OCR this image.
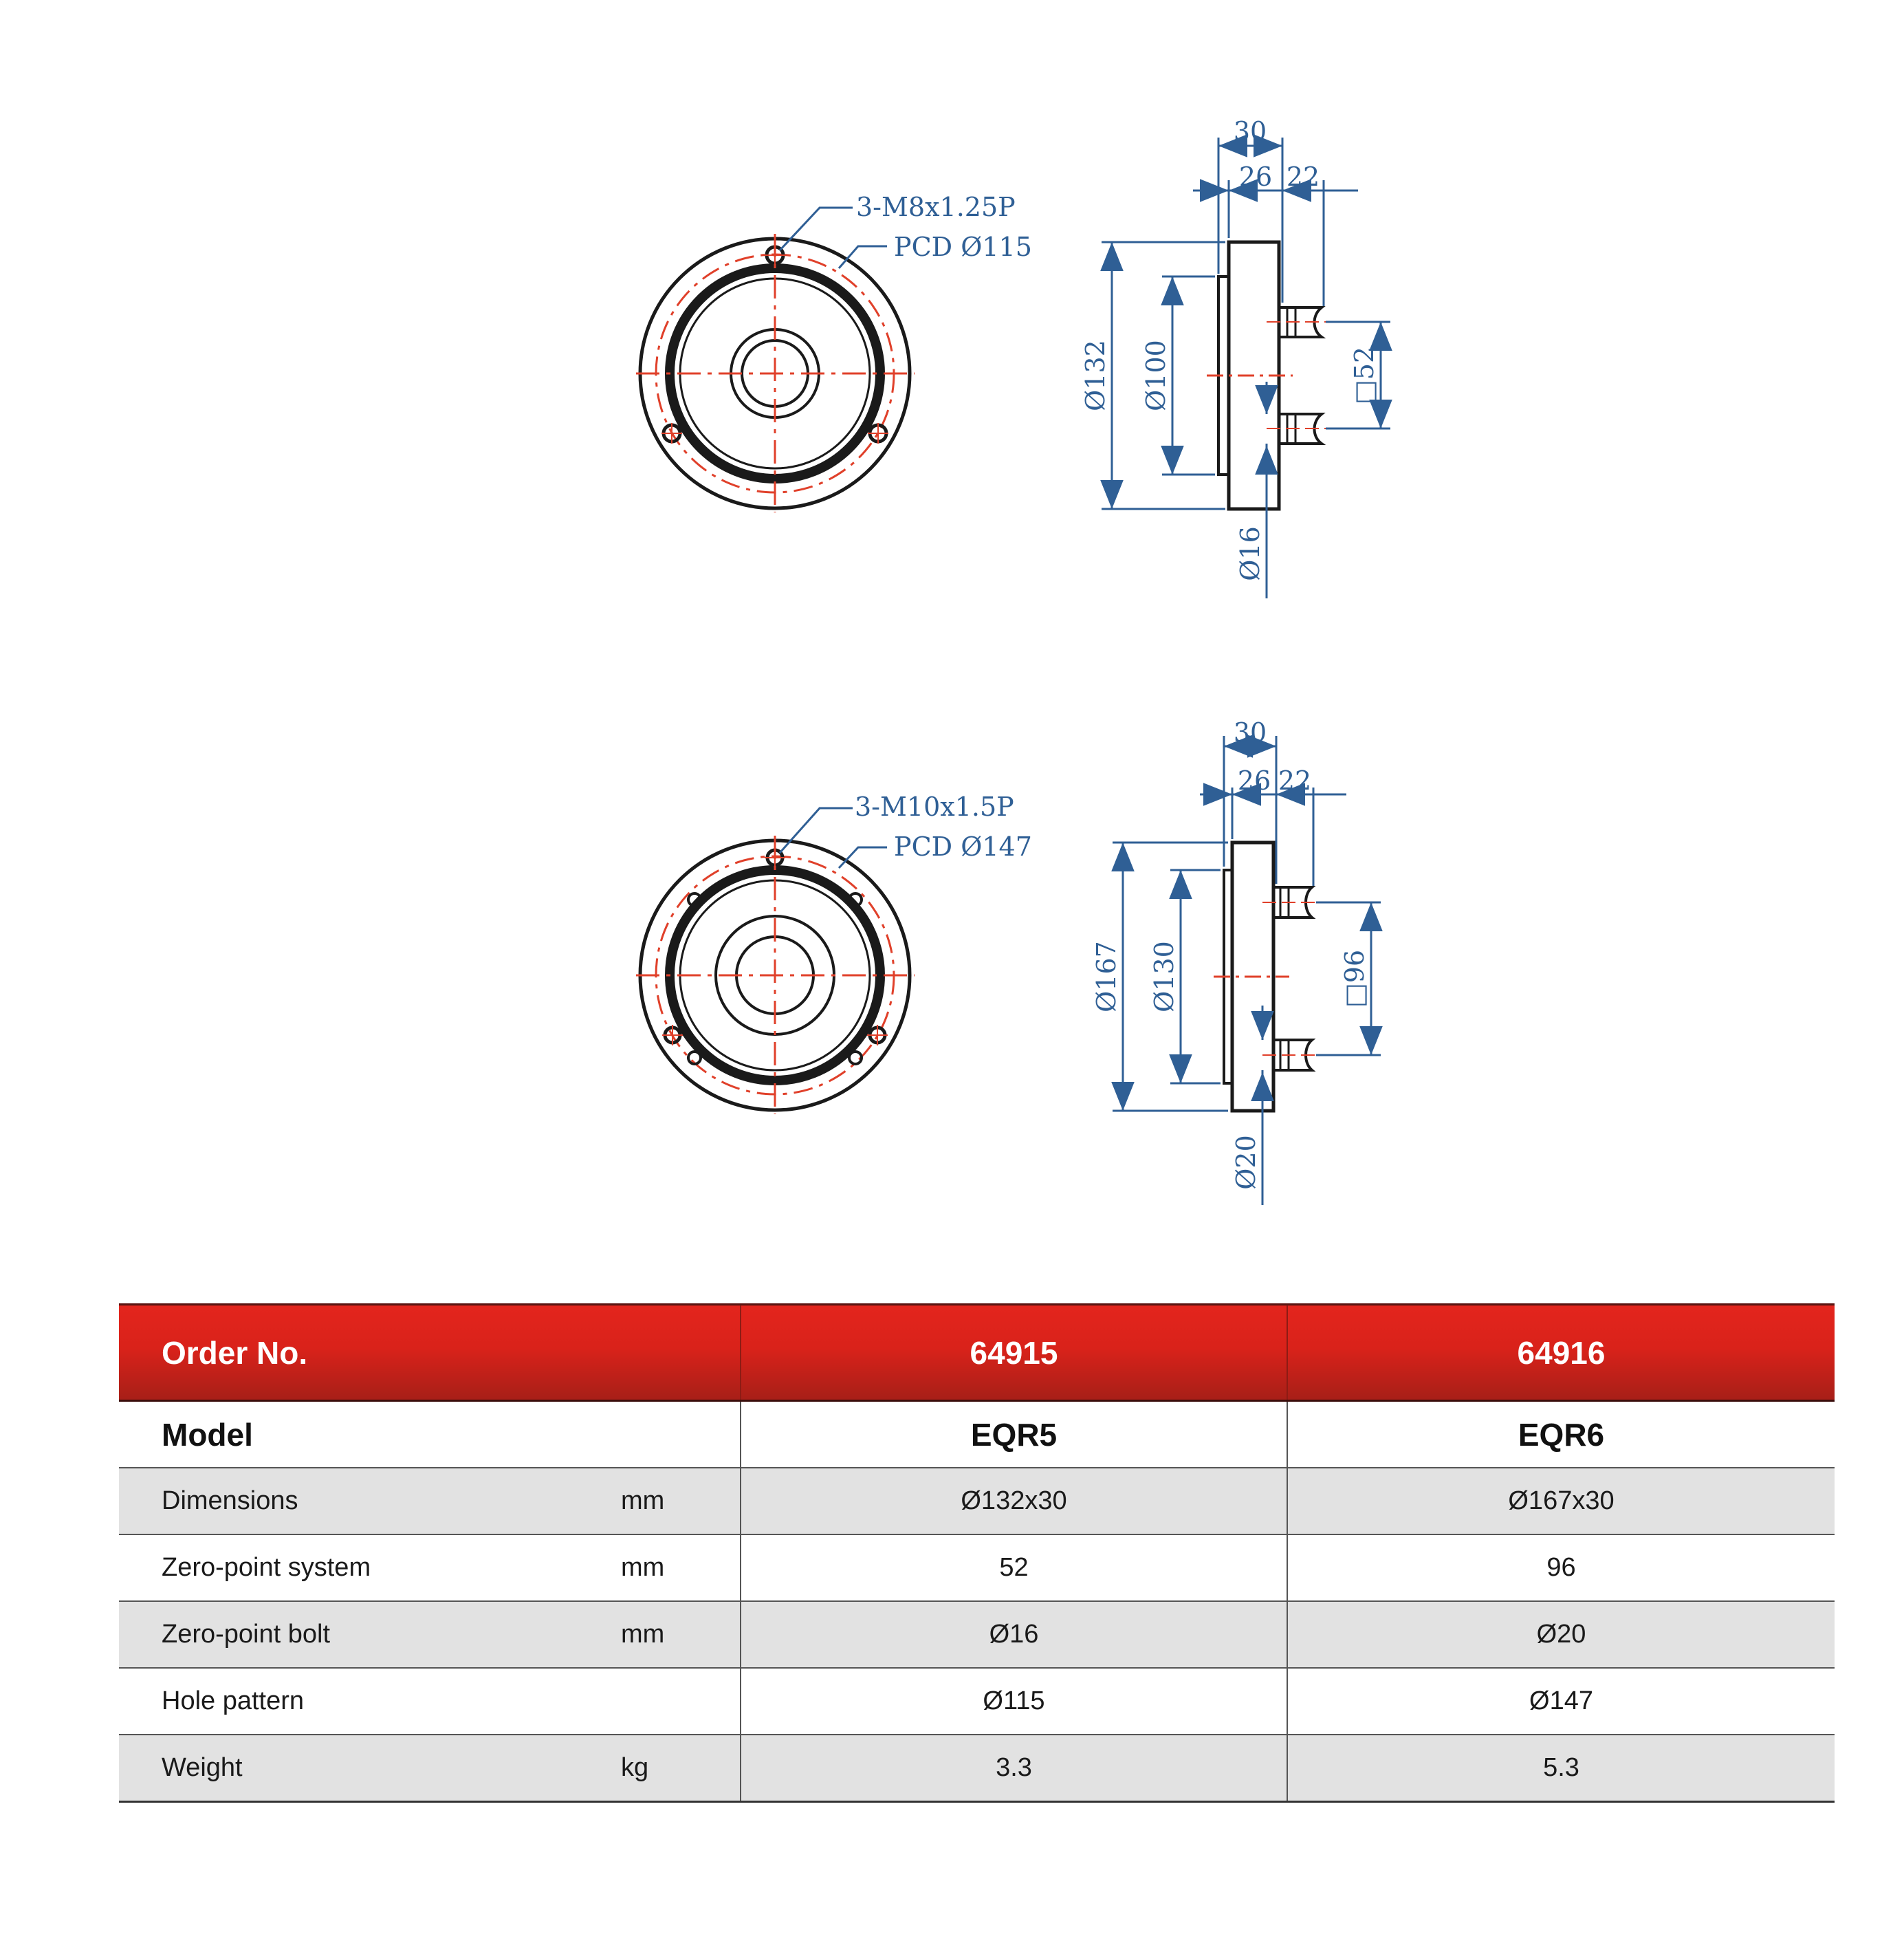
3-M8x1.25P
PCD Ø115
30
26 22
Ø132 Ø100	□52
Ø16
3-M10x1.5P
PCD Ø147
30
26 22
Ø167 Ø130	□96
Ø20
Order No.		64915	64916
Model		EQR5	EQR6
Dimensions	mm	Ø132x30	Ø167x30
Zero-point system	mm	52	96
Zero-point bolt	mm	Ø16	Ø20
Hole pattern		Ø115	Ø147
Weight	kg	3.3	5.3
